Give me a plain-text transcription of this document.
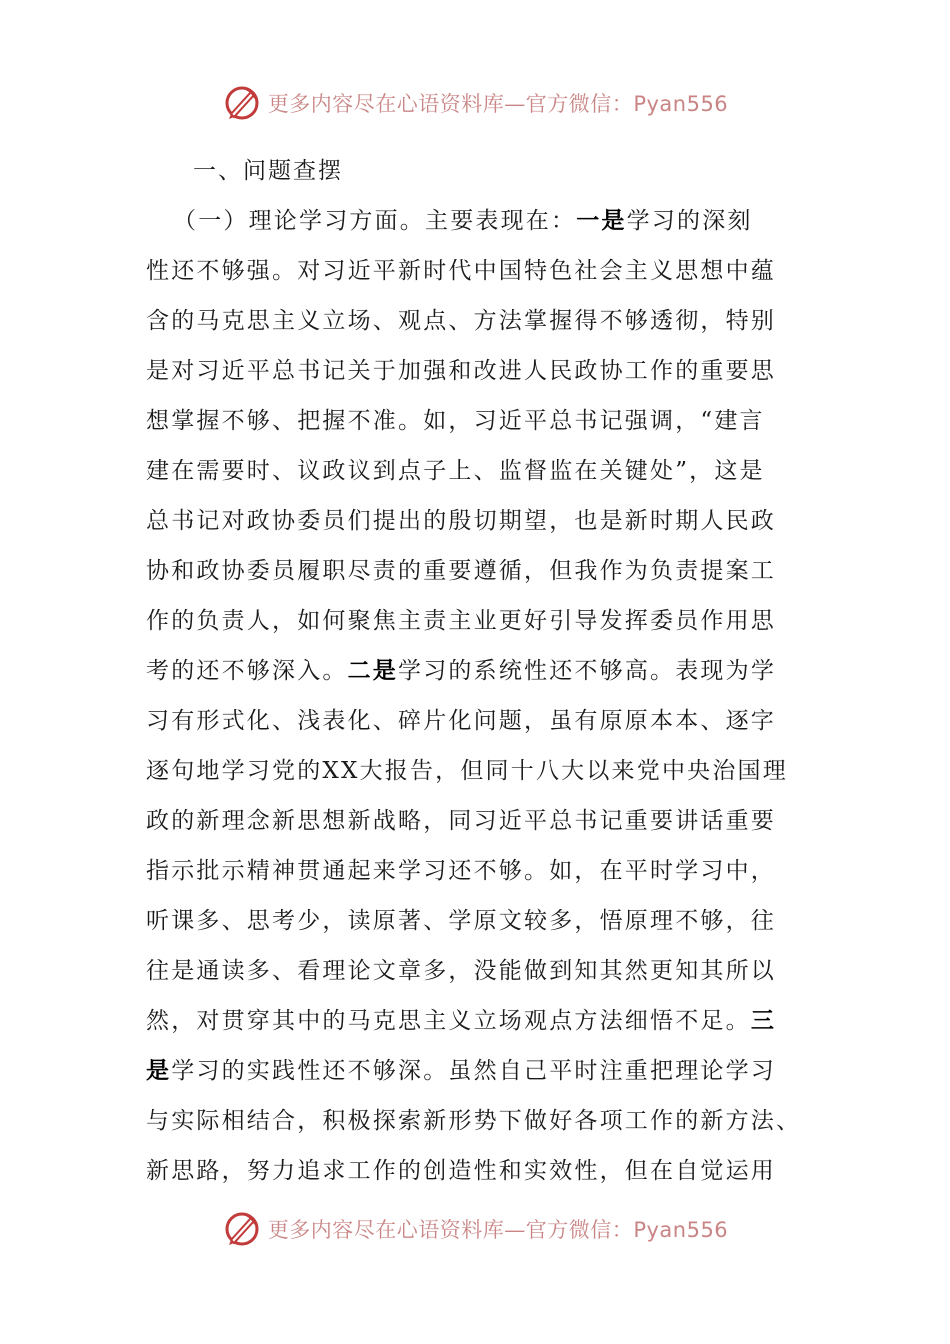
更多内容尽在心语资料库—官方微信：Pyan556
一、问题查摆
（一）理论学习方面。主要表现在：一是学习的深刻
性还不够强。对习近平新时代中国特色社会主义思想中蕴
含的马克思主义立场、观点、方法掌握得不够透彻，特别
是对习近平总书记关于加强和改进人民政协工作的重要思
想掌握不够、把握不准。如，习近平总书记强调，“建言
建在需要时、议政议到点子上、监督监在关键处”，这是
总书记对政协委员们提出的殷切期望，也是新时期人民政
协和政协委员履职尽责的重要遵循，但我作为负责提案工
作的负责人，如何聚焦主责主业更好引导发挥委员作用思
考的还不够深入。二是学习的系统性还不够高。表现为学
习有形式化、浅表化、碎片化问题，虽有原原本本、逐字
逐句地学习党的XX大报告，但同十八大以来党中央治国理
政的新理念新思想新战略，同习近平总书记重要讲话重要
指示批示精神贯通起来学习还不够。如，在平时学习中，
听课多、思考少，读原著、学原文较多，悟原理不够，往
往是通读多、看理论文章多，没能做到知其然更知其所以
然，对贯穿其中的马克思主义立场观点方法细悟不足。三
是学习的实践性还不够深。虽然自己平时注重把理论学习
与实际相结合，积极探索新形势下做好各项工作的新方法、
新思路，努力追求工作的创造性和实效性，但在自觉运用
更多内容尽在心语资料库—官方微信：Pyan556
